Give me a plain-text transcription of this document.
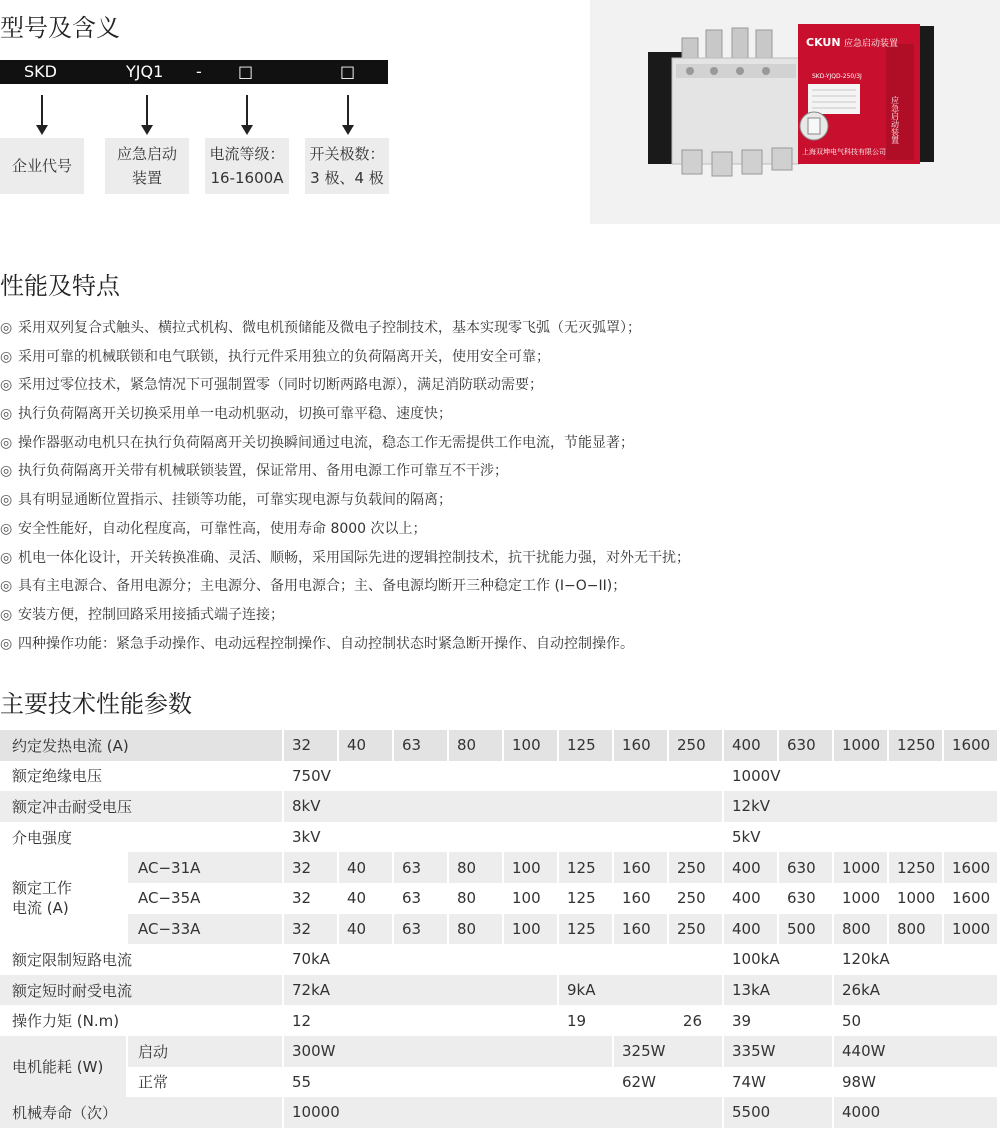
型号及含义
SKD	YJQ1 - □	□
企业代号
应急启动
装置
电流等级：
16-1600A
开关极数：
3 极、4 极
CKUN 应急启动装置
SKD-YJQD-250/3J
上海双坤电气科技有限公司
应急启动装置
性能及特点
◎ 采用双列复合式触头、横拉式机构、微电机预储能及微电子控制技术，基本实现零飞弧（无灭弧罩）；
◎ 采用可靠的机械联锁和电气联锁，执行元件采用独立的负荷隔离开关，使用安全可靠；
◎ 采用过零位技术，紧急情况下可强制置零（同时切断两路电源），满足消防联动需要；
◎ 执行负荷隔离开关切换采用单一电动机驱动，切换可靠平稳、速度快；
◎ 操作器驱动电机只在执行负荷隔离开关切换瞬间通过电流，稳态工作无需提供工作电流，节能显著；
◎ 执行负荷隔离开关带有机械联锁装置，保证常用、备用电源工作可靠互不干涉；
◎ 具有明显通断位置指示、挂锁等功能，可靠实现电源与负载间的隔离；
◎ 安全性能好，自动化程度高，可靠性高，使用寿命 8000 次以上；
◎ 机电一体化设计，开关转换准确、灵活、顺畅，采用国际先进的逻辑控制技术，抗干扰能力强，对外无干扰；
◎ 具有主电源合、备用电源分；主电源分、备用电源合；主、备电源均断开三种稳定工作 (I−O−II)；
◎ 安装方便，控制回路采用接插式端子连接；
◎ 四种操作功能：紧急手动操作、电动远程控制操作、自动控制状态时紧急断开操作、自动控制操作。
主要技术性能参数
约定发热电流 (A)		32	40	63	80	100	125	160	250	400	630	1000	1250	1600
额定绝缘电压		750V								1000V				
额定冲击耐受电压		8kV								12kV				
介电强度		3kV								5kV				
额定工作
电流 (A)	AC−31A	32	40	63	80	100	125	160	250	400	630	1000	1250	1600
	AC−35A	32	40	63	80	100	125	160	250	400	630	1000	1000	1600
	AC−33A	32	40	63	80	100	125	160	250	400	500	800	800	1000
额定限制短路电流		70kA								100kA		120kA		
额定短时耐受电流		72kA					9kA			13kA		26kA		
操作力矩 (N.m)		12					19		26	39		50		
电机能耗 (W)	启动	300W						325W		335W		440W		
	正常	55						62W		74W		98W		
机械寿命（次）		10000								5500		4000		
